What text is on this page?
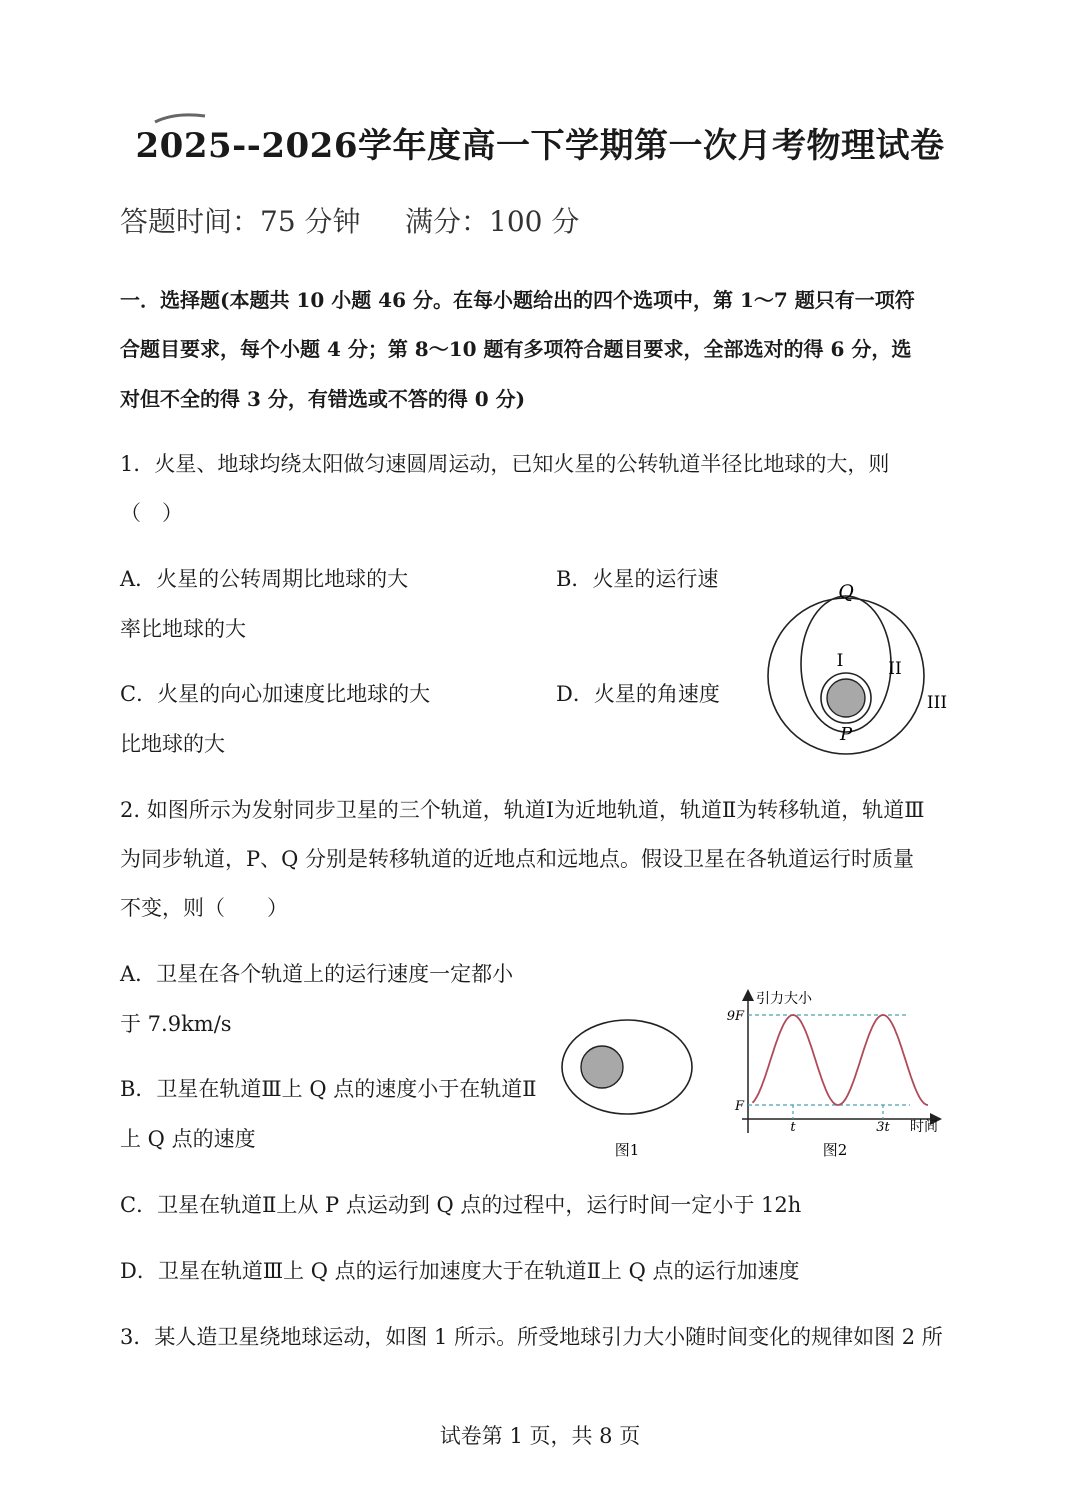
2025--2026学年度高一下学期第一次月考物理试卷
答题时间：75 分钟 满分：100 分
一．选择题(本题共 10 小题 46 分。在每小题给出的四个选项中，第 1～7 题只有一项符
合题目要求，每个小题 4 分；第 8～10 题有多项符合题目要求，全部选对的得 6 分，选
对但不全的得 3 分，有错选或不答的得 0 分)
1．火星、地球均绕太阳做匀速圆周运动，已知火星的公转轨道半径比地球的大，则
（　）
A．火星的公转周期比地球的大
率比地球的大
B．火星的运行速
C．火星的向心加速度比地球的大
比地球的大
D．火星的角速度
Q
P
I	II
III
2. 如图所示为发射同步卫星的三个轨道，轨道Ⅰ为近地轨道，轨道Ⅱ为转移轨道，轨道Ⅲ
为同步轨道，P、Q 分别是转移轨道的近地点和远地点。假设卫星在各轨道运行时质量
不变，则（　　）
A．卫星在各个轨道上的运行速度一定都小
于 7.9km/s
B．卫星在轨道Ⅲ上 Q 点的速度小于在轨道Ⅱ
上 Q 点的速度	图1
引力大小
9F
F
t	3t 时间
图2
C．卫星在轨道Ⅱ上从 P 点运动到 Q 点的过程中，运行时间一定小于 12h
D．卫星在轨道Ⅲ上 Q 点的运行加速度大于在轨道Ⅱ上 Q 点的运行加速度
3．某人造卫星绕地球运动，如图 1 所示。所受地球引力大小随时间变化的规律如图 2 所
试卷第 1 页，共 8 页
